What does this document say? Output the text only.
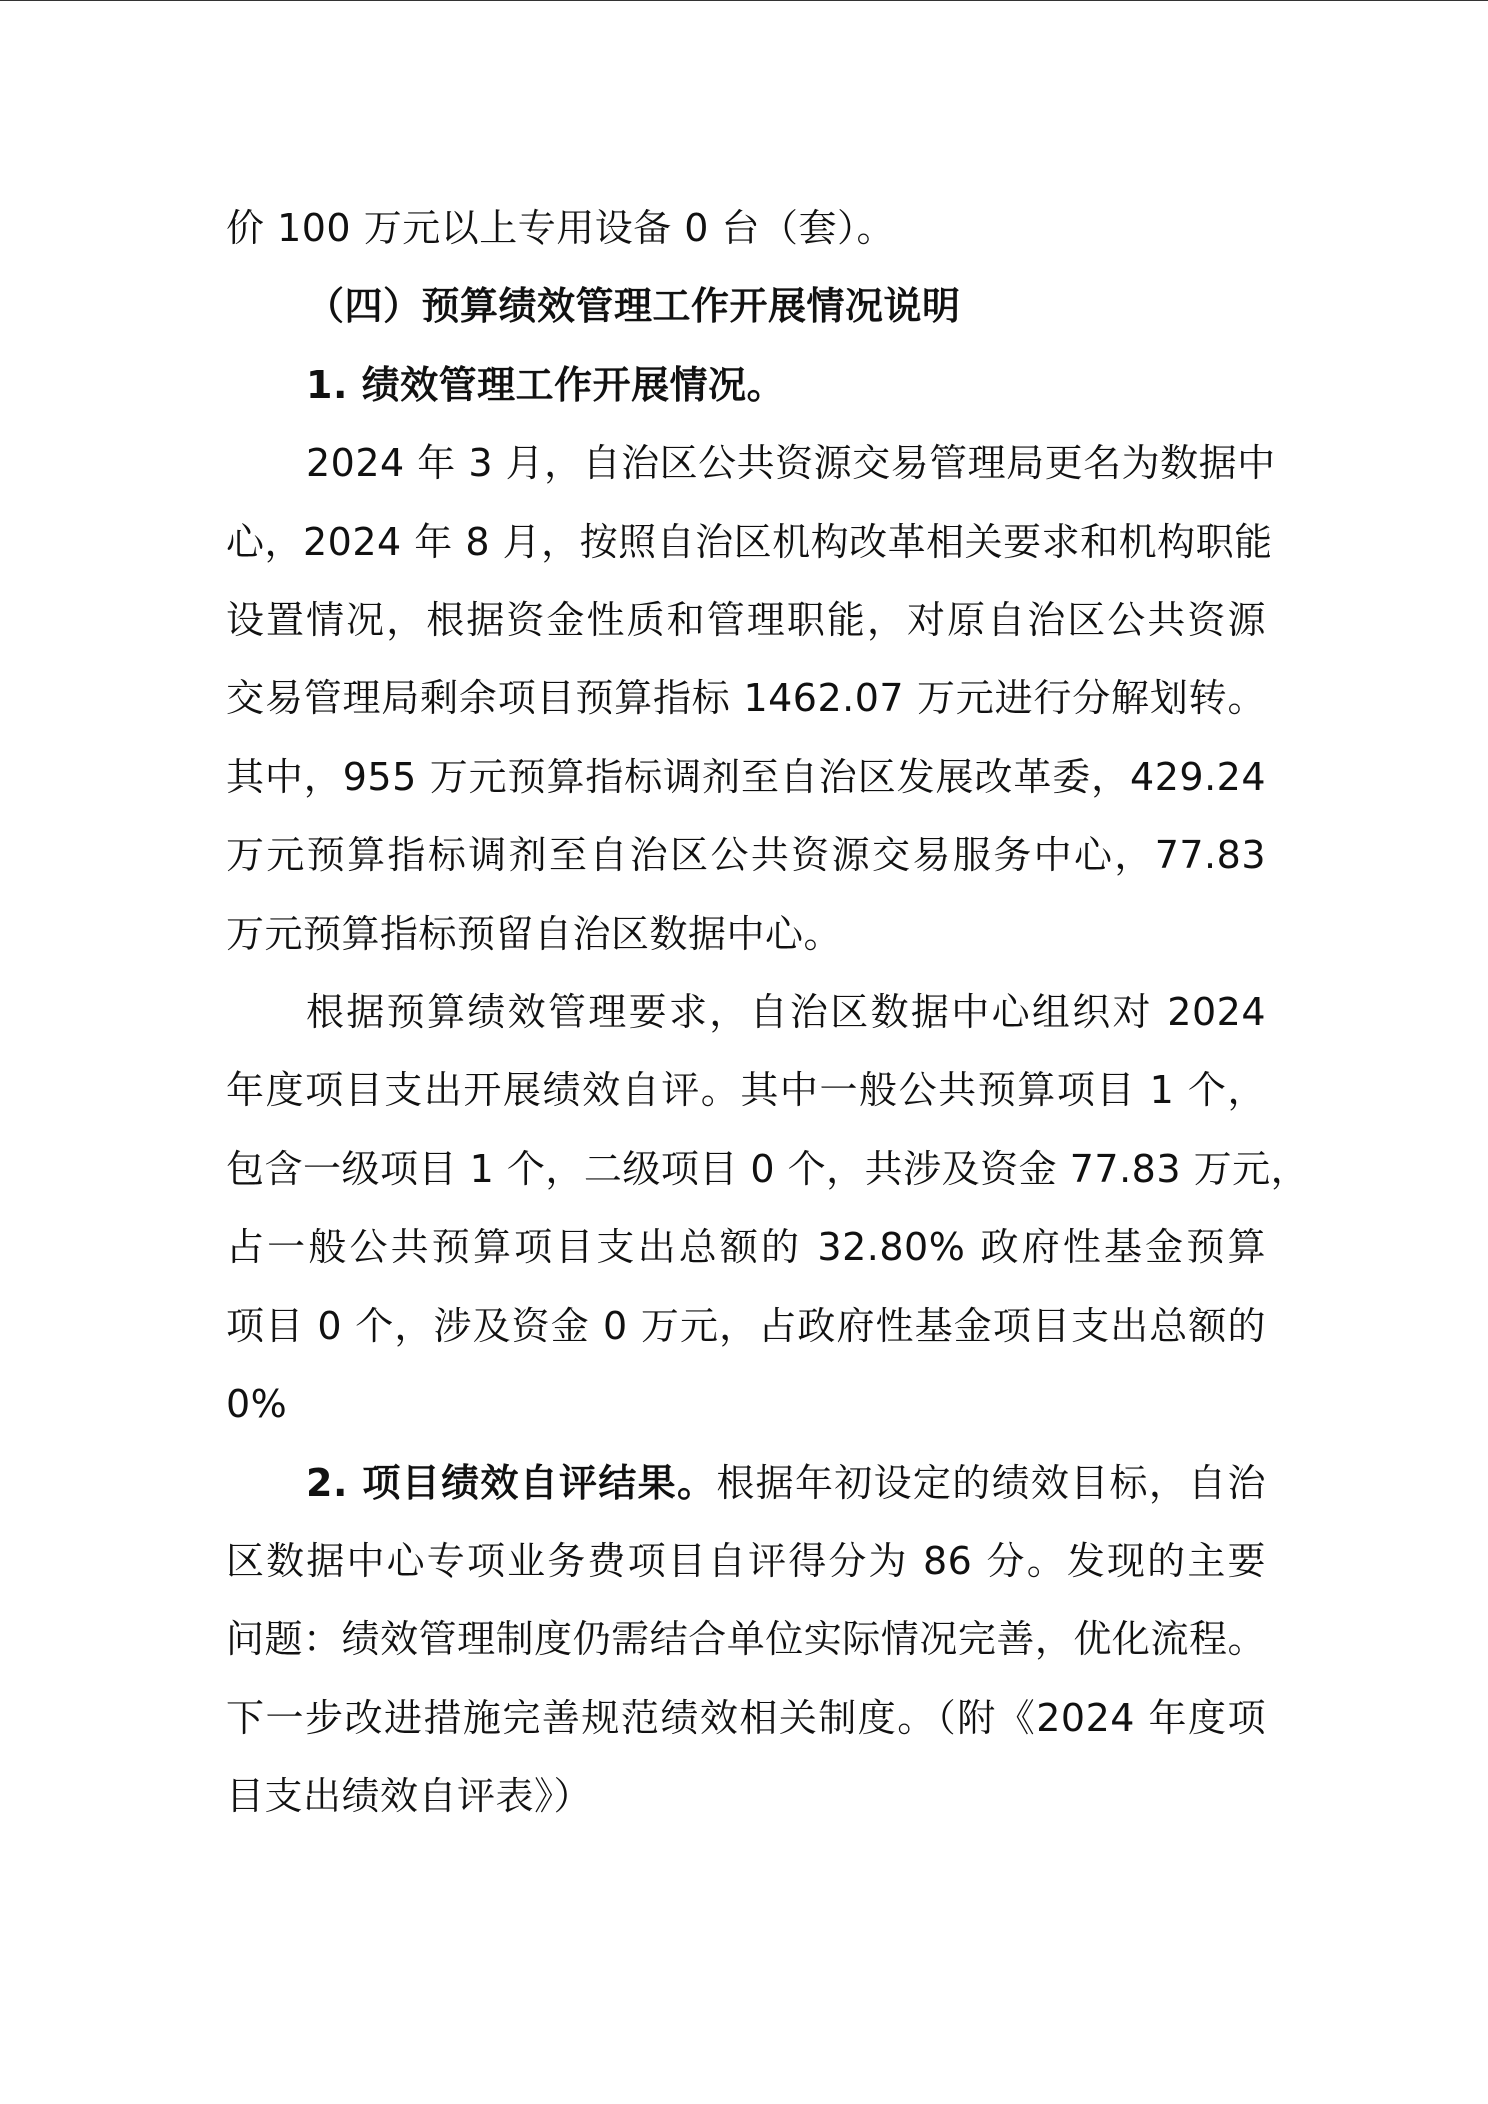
价 100 万元以上专用设备 0 台（套）。
（四）预算绩效管理工作开展情况说明
1. 绩效管理工作开展情况。
2024 年 3 月，自治区公共资源交易管理局更名为数据中
心，2024 年 8 月，按照自治区机构改革相关要求和机构职能
设置情况，根据资金性质和管理职能，对原自治区公共资源
交易管理局剩余项目预算指标 1462.07 万元进行分解划转。
其中，955 万元预算指标调剂至自治区发展改革委，429.24
万元预算指标调剂至自治区公共资源交易服务中心，77.83
万元预算指标预留自治区数据中心。
根据预算绩效管理要求，自治区数据中心组织对 2024
年度项目支出开展绩效自评。其中一般公共预算项目 1 个，
包含一级项目 1 个，二级项目 0 个，共涉及资金 77.83 万元，
占一般公共预算项目支出总额的 32.80% 政府性基金预算
项目 0 个，涉及资金 0 万元，占政府性基金项目支出总额的
0%
2. 项目绩效自评结果。根据年初设定的绩效目标，自治
区数据中心专项业务费项目自评得分为 86 分。发现的主要
问题：绩效管理制度仍需结合单位实际情况完善，优化流程。
下一步改进措施完善规范绩效相关制度。（附《2024 年度项
目支出绩效自评表》）
